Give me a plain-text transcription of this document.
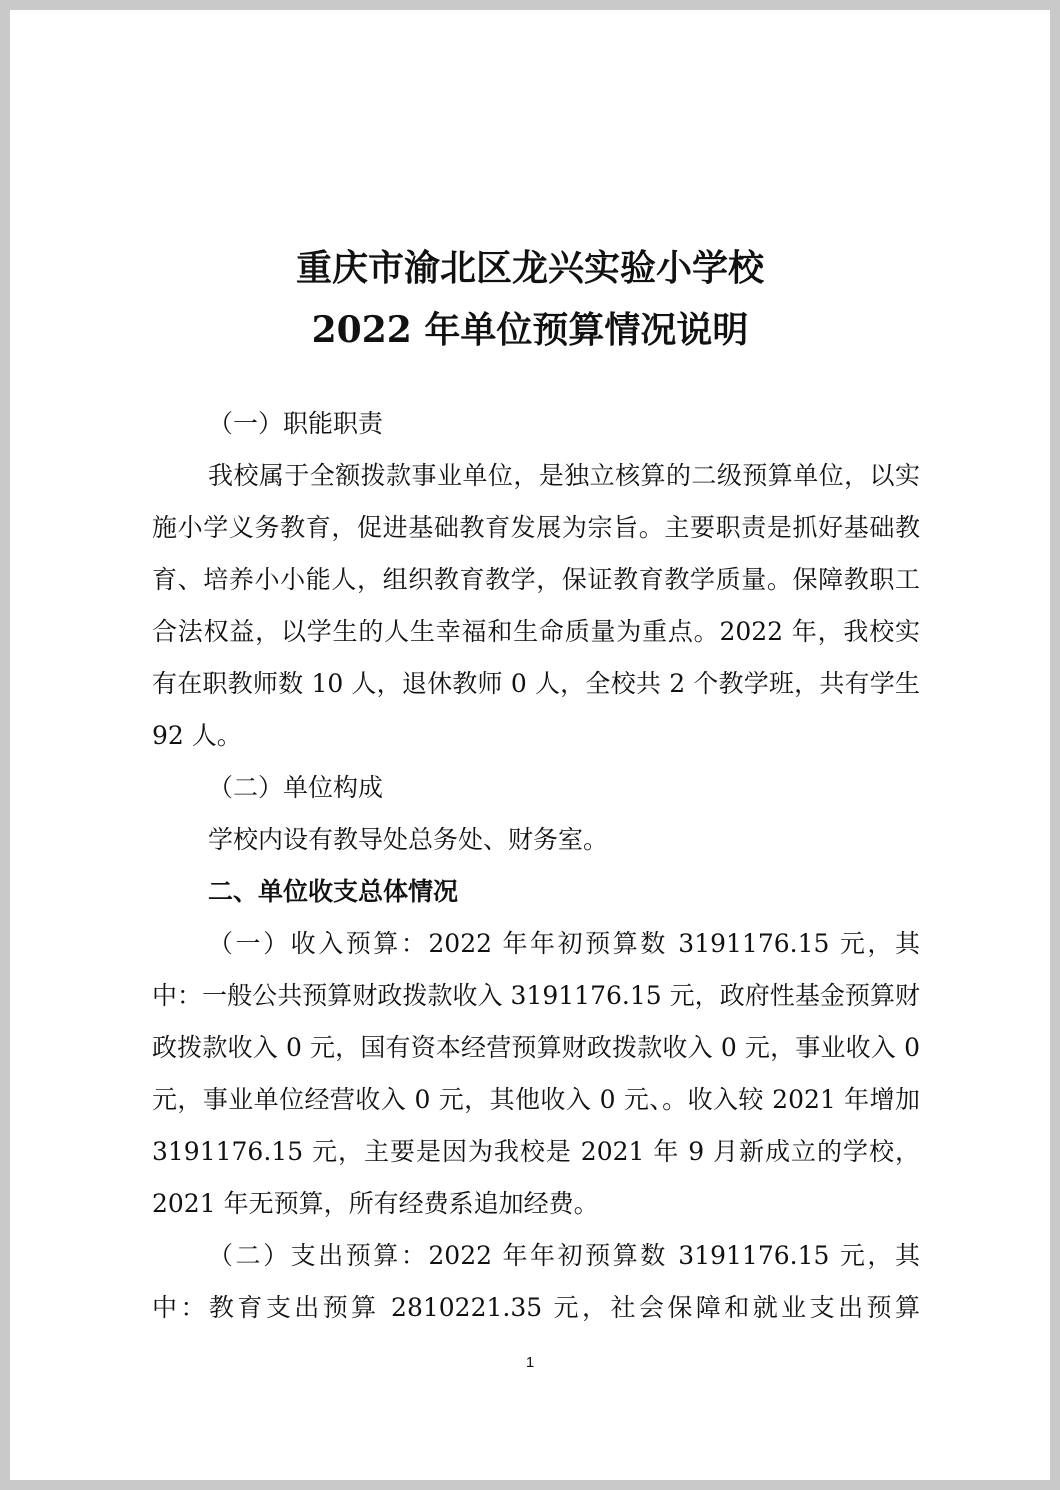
重庆市渝北区龙兴实验小学校
2022 年单位预算情况说明

（一）职能职责

我校属于全额拨款事业单位，是独立核算的二级预算单位，以实施小学义务教育，促进基础教育发展为宗旨。主要职责是抓好基础教育、培养小小能人，组织教育教学，保证教育教学质量。保障教职工合法权益，以学生的人生幸福和生命质量为重点。2022 年，我校实有在职教师数 10 人，退休教师 0 人，全校共 2 个教学班，共有学生 92 人。

（二）单位构成

学校内设有教导处总务处、财务室。

二、单位收支总体情况

（一）收入预算：2022 年年初预算数 3191176.15 元，其中：一般公共预算财政拨款收入 3191176.15 元，政府性基金预算财政拨款收入 0 元，国有资本经营预算财政拨款收入 0 元，事业收入 0 元，事业单位经营收入 0 元，其他收入 0 元、。收入较 2021 年增加 3191176.15 元，主要是因为我校是 2021 年 9 月新成立的学校，2021 年无预算，所有经费系追加经费。

（二）支出预算：2022 年年初预算数 3191176.15 元，其中：教育支出预算 2810221.35 元，社会保障和就业支出预算

1
